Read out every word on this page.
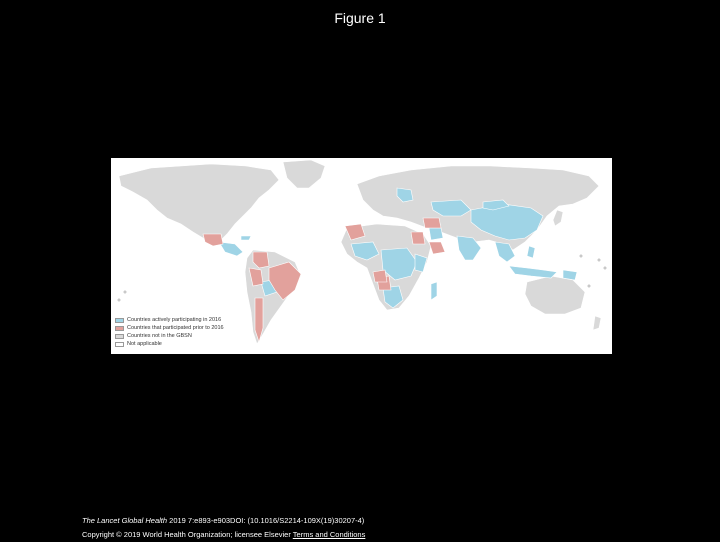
Figure 1
Countries actively participating in 2016
Countries that participated prior to 2016
Countries not in the GBSN
Not applicable
The Lancet Global Health 2019 7:e893-e903DOI: (10.1016/S2214-109X(19)30207-4)
Copyright © 2019 World Health Organization; licensee Elsevier Terms and Conditions
